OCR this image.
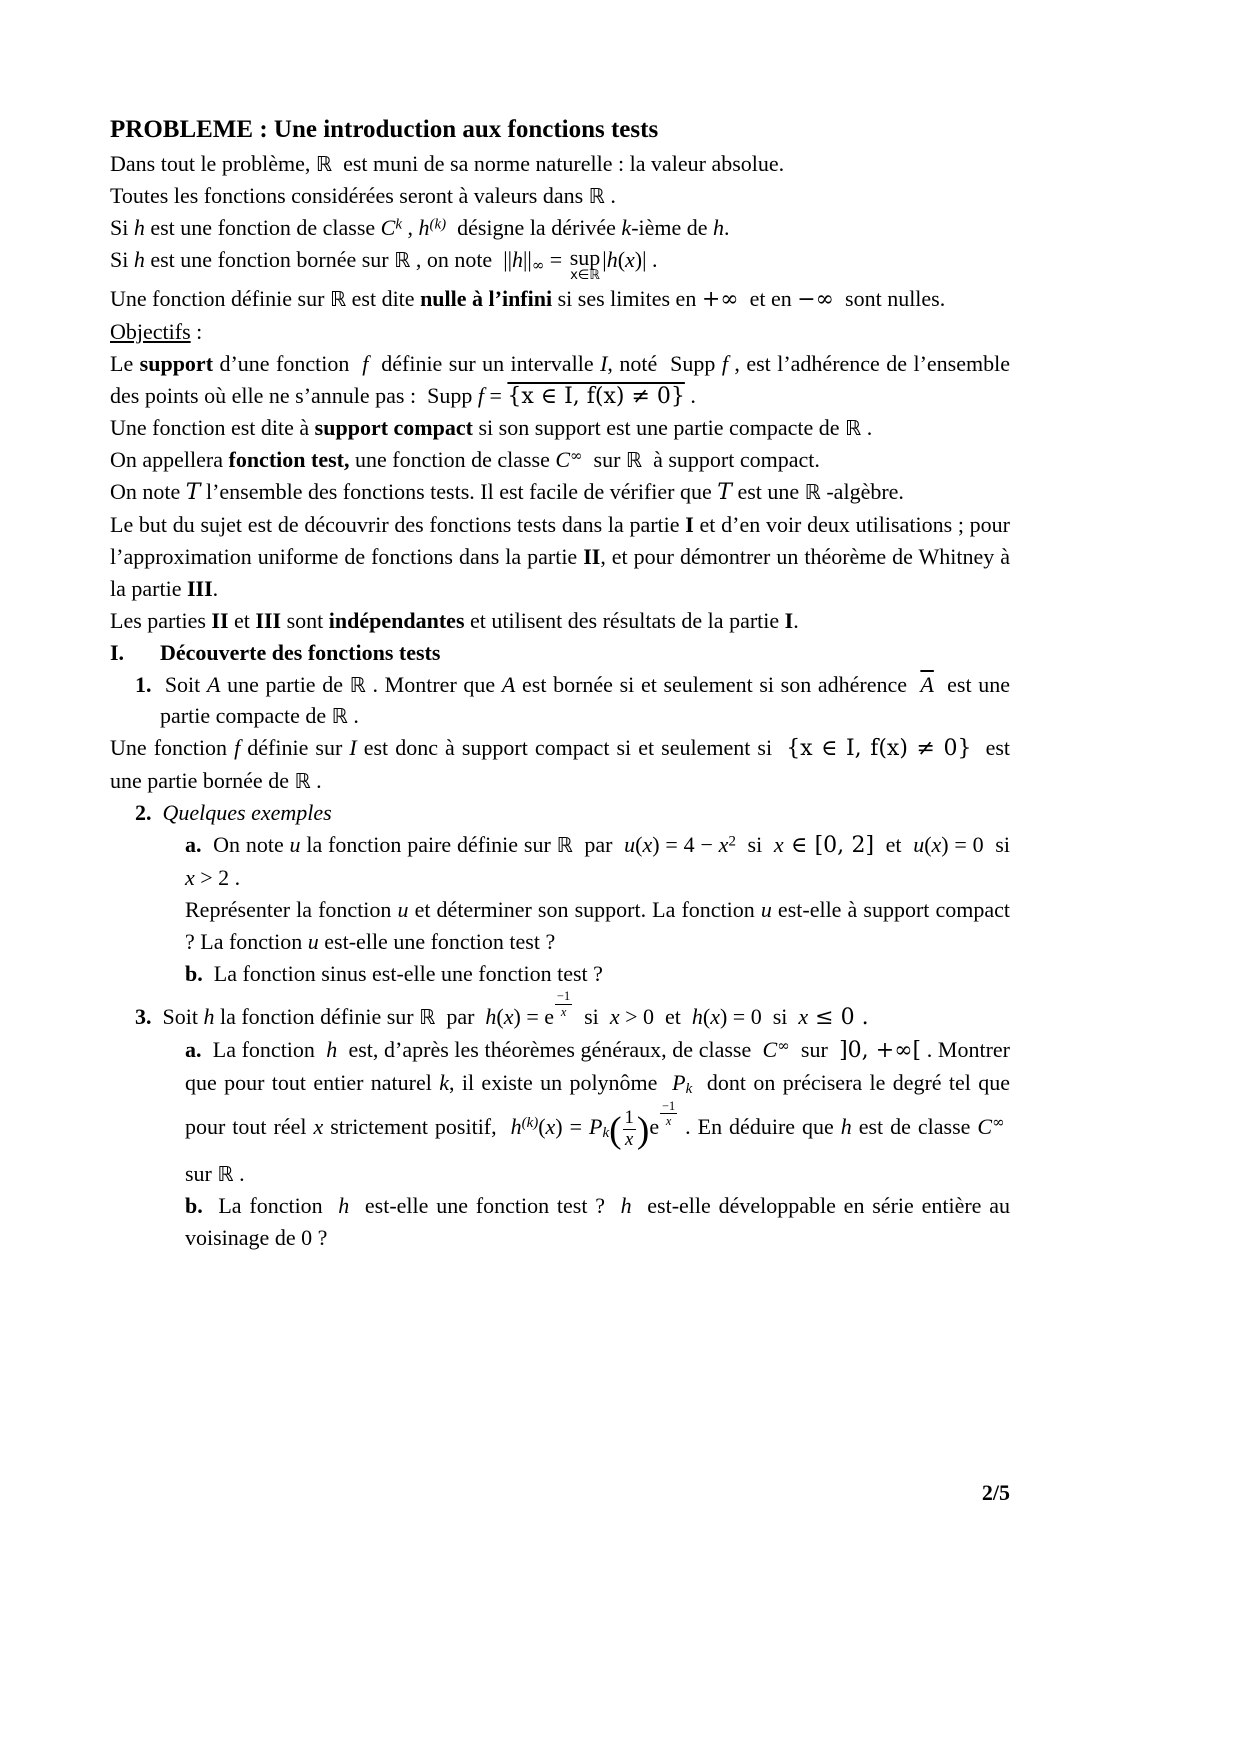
PROBLEME : Une introduction aux fonctions tests
Dans tout le problème, ℝ  est muni de sa norme naturelle : la valeur absolue.
Toutes les fonctions considérées seront à valeurs dans ℝ .
Si h est une fonction de classe $C^k$ , $h^{(k)}$  désigne la dérivée k-ième de h.
Si h est une fonction bornée sur ℝ , on note  $||h||_\infty$ = sup
x∈ℝ
|h(x)| .
Une fonction définie sur ℝ est dite nulle à l’infini si ses limites en +∞  et en −∞  sont nulles.
Objectifs :
Le support d’une fonction  f  définie sur un intervalle I, noté  Supp f , est l’adhérence de l’ensemble des points où elle ne s’annule pas :  Supp f = {x ∈ I, f(x) ≠ 0} .
Une fonction est dite à support compact si son support est une partie compacte de ℝ .
On appellera fonction test, une fonction de classe C∞  sur ℝ  à support compact.
On note T l’ensemble des fonctions tests. Il est facile de vérifier que T est une ℝ -algèbre.
Le but du sujet est de découvrir des fonctions tests dans la partie I et d’en voir deux utilisations ; pour l’approximation uniforme de fonctions dans la partie II, et pour démontrer un théorème de Whitney à la partie III.
Les parties II et III sont indépendantes et utilisent des résultats de la partie I.
I. Découverte des fonctions tests
1.  Soit A une partie de ℝ . Montrer que A est bornée si et seulement si son adhérence  $\overline{A}$  est une partie compacte de ℝ .
Une fonction f définie sur I est donc à support compact si et seulement si  {x ∈ I, f(x) ≠ 0}  est une partie bornée de ℝ .
2. Quelques exemples
a.  On note u la fonction paire définie sur ℝ  par  $u(x) = 4 - x^2$  si  x ∈ [0, 2]  et  u(x) = 0  si x > 2 .
Représenter la fonction u et déterminer son support. La fonction u est-elle à support compact ? La fonction u est-elle une fonction test ?
b.  La fonction sinus est-elle une fonction test ?
3.  Soit h la fonction définie sur ℝ  par  h(x) = e $\frac{-1}{x}$ si  x > 0  et  h(x) = 0  si  x ≤ 0 .
a.  La fonction  h  est, d’après les théorèmes généraux, de classe  C∞  sur  ]0, +∞[ . Montrer que pour tout entier naturel k, il existe un polynôme  $P_k$  dont on précisera le degré tel que pour tout réel x strictement positif,  $h^{(k)}(x) = P_k( \frac{1}{x} )e \frac{-1}{x}$ . En déduire que h est de classe C∞  sur ℝ .
b.  La fonction  h  est-elle une fonction test ?  h  est-elle développable en série entière au voisinage de 0 ?
2/5
